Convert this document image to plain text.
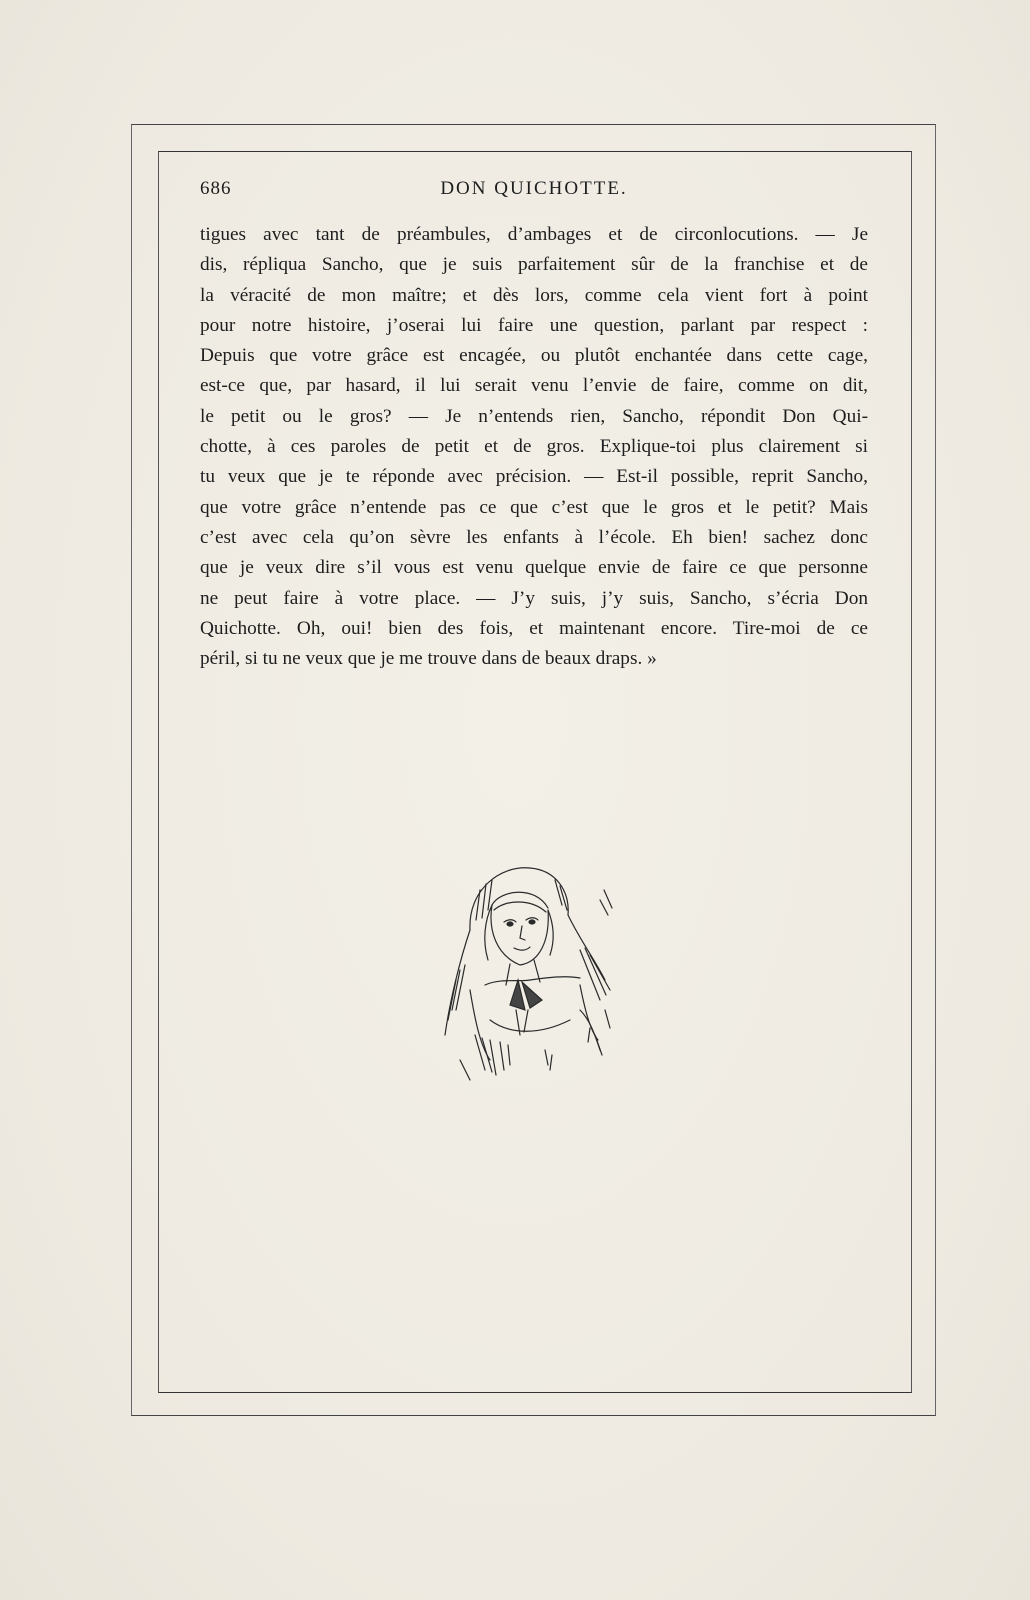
686	DON QUICHOTTE.
tigues avec tant de préambules, d’ambages et de circonlocutions. — Je
dis, répliqua Sancho, que je suis parfaitement sûr de la franchise et de
la véracité de mon maître; et dès lors, comme cela vient fort à point
pour notre histoire, j’oserai lui faire une question, parlant par respect :
Depuis que votre grâce est encagée, ou plutôt enchantée dans cette cage,
est-ce que, par hasard, il lui serait venu l’envie de faire, comme on dit,
le petit ou le gros? — Je n’entends rien, Sancho, répondit Don Qui-
chotte, à ces paroles de petit et de gros. Explique-toi plus clairement si
tu veux que je te réponde avec précision. — Est-il possible, reprit Sancho,
que votre grâce n’entende pas ce que c’est que le gros et le petit? Mais
c’est avec cela qu’on sèvre les enfants à l’école. Eh bien! sachez donc
que je veux dire s’il vous est venu quelque envie de faire ce que personne
ne peut faire à votre place. — J’y suis, j’y suis, Sancho, s’écria Don
Quichotte. Oh, oui! bien des fois, et maintenant encore. Tire-moi de ce
péril, si tu ne veux que je me trouve dans de beaux draps. »
